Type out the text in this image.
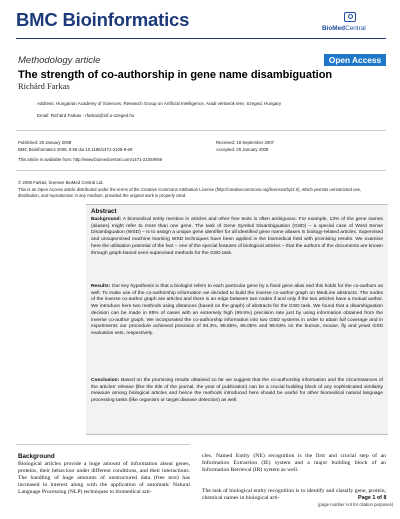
BMC Bioinformatics	BioMedCentral
Methodology article	Open Access
The strength of co-authorship in gene name disambiguation
Richárd Farkas
Address: Hungarian Academy of Sciences, Research Group on Artificial Intelligence, Aradi vértanúk tere, Szeged, Hungary
Email: Richárd Farkas - rfarkas@inf.u-szeged.hu
Published: 29 January 2008
BMC Bioinformatics 2008, 9:69 doi:10.1186/1471-2105-9-69
Received: 18 September 2007
Accepted: 29 January 2008
This article is available from: http://www.biomedcentral.com/1471-2105/9/69
© 2008 Farkas; licensee BioMed Central Ltd.
This is an Open Access article distributed under the terms of the Creative Commons Attribution License (http://creativecommons.org/licenses/by/2.0), which permits unrestricted use, distribution, and reproduction in any medium, provided the original work is properly cited.
Abstract
Background: A biomedical entity mention in articles and other free texts is often ambiguous. For example, 13% of the gene names (aliases) might refer to more than one gene. The task of Gene Symbol Disambiguation (GSD) – a special case of Word Sense Disambiguation (WSD) – is to assign a unique gene identifier for all identified gene name aliases in biology-related articles. Supervised and unsupervised machine learning WSD techniques have been applied in the biomedical field with promising results. We examine here the utilisation potential of the fact – one of the special features of biological articles – that the authors of the documents are known through graph-based semi-supervised methods for the GSD task.
Results: Our key hypothesis is that a biologist refers to each particular gene by a fixed gene alias and this holds for the co-authors as well. To make use of the co-authorship information we decided to build the inverse co-author graph on MedLine abstracts. The nodes of the inverse co-author graph are articles and there is an edge between two nodes if and only if the two articles have a mutual author. We introduce here two methods using distances (based on the graph) of abstracts for the GSD task. We found that a disambiguation decision can be made in 85% of cases with an extremely high (99.5%) precision rate just by using information obtained from the inverse co-author graph. We incorporated the co-authorship information into two GSD systems in order to attain full coverage and in experiments our procedure achieved precision of 94.3%, 98.85%, 96.05% and 99.63% on the human, mouse, fly and yeast GSD evaluation sets, respectively.
Conclusion: Based on the promising results obtained so far we suggest that the co-authorship information and the circumstances of the articles' release (like the title of the journal, the year of publication) can be a crucial building block of any sophisticated similarity measure among biological articles and hence the methods introduced here should be useful for other biomedical natural language processing tasks (like organism or target disease detection) as well.
Background
Biological articles provide a huge amount of information about genes, proteins, their behaviour under different conditions, and their interactions. The handling of huge amounts of unstructured data (free text) has increased in interest along with the application of automatic Natural Language Processing (NLP) techniques to biomedical arti-
cles. Named Entity (NE) recognition is the first and crucial step of an Information Extraction (IE) system and a major building block of an Information Retrieval (IR) system as well.
The task of biological entity recognition is to identify and classify gene, protein, chemical names in biological arti-	Page 1 of 8
(page number not for citation purposes)
